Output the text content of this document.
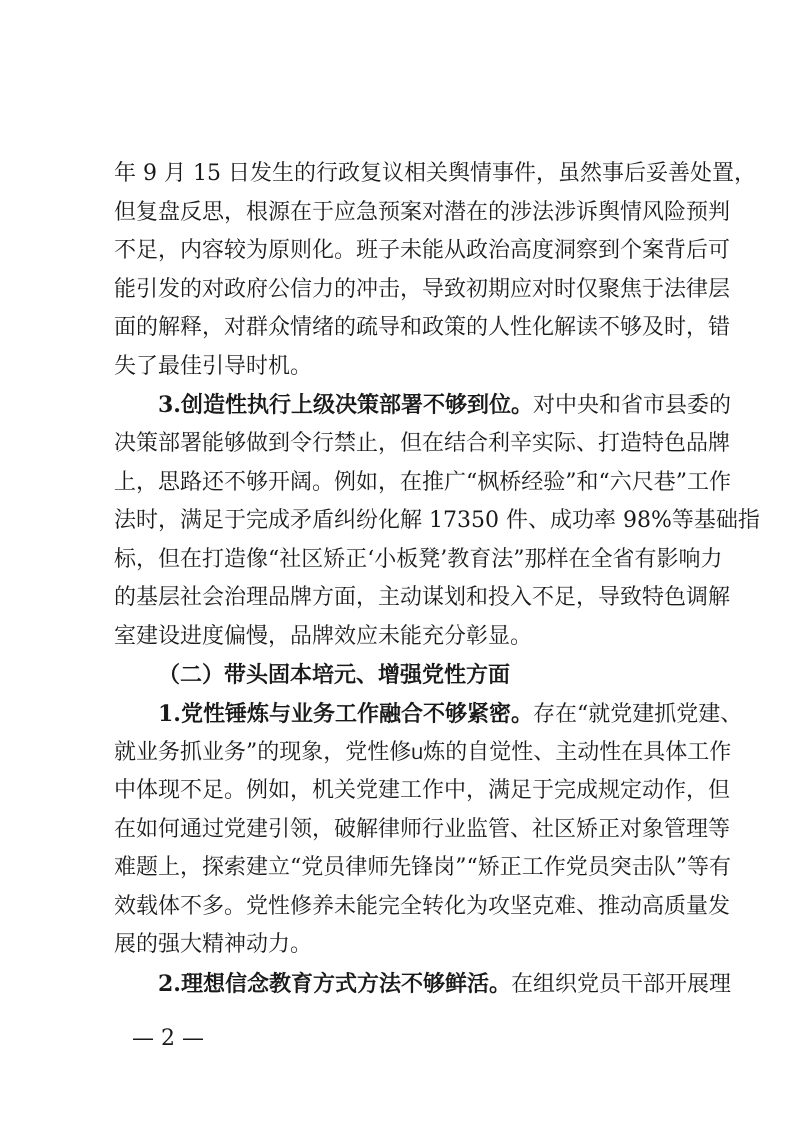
年 9 月 15 日发生的行政复议相关舆情事件，虽然事后妥善处置，
但复盘反思，根源在于应急预案对潜在的涉法涉诉舆情风险预判
不足，内容较为原则化。班子未能从政治高度洞察到个案背后可
能引发的对政府公信力的冲击，导致初期应对时仅聚焦于法律层
面的解释，对群众情绪的疏导和政策的人性化解读不够及时，错
失了最佳引导时机。
3.创造性执行上级决策部署不够到位。对中央和省市县委的
决策部署能够做到令行禁止，但在结合利辛实际、打造特色品牌
上，思路还不够开阔。例如，在推广“枫桥经验”和“六尺巷”工作
法时，满足于完成矛盾纠纷化解 17350 件、成功率 98%等基础指
标，但在打造像“社区矫正‘小板凳’教育法”那样在全省有影响力
的基层社会治理品牌方面，主动谋划和投入不足，导致特色调解
室建设进度偏慢，品牌效应未能充分彰显。
（二）带头固本培元、增强党性方面
1.党性锤炼与业务工作融合不够紧密。存在“就党建抓党建、
就业务抓业务”的现象，党性修ᥙ炼的自觉性、主动性在具体工作
中体现不足。例如，机关党建工作中，满足于完成规定动作，但
在如何通过党建引领，破解律师行业监管、社区矫正对象管理等
难题上，探索建立“党员律师先锋岗”“矫正工作党员突击队”等有
效载体不多。党性修养未能完全转化为攻坚克难、推动高质量发
展的强大精神动力。
2.理想信念教育方式方法不够鲜活。在组织党员干部开展理
— 2 —
